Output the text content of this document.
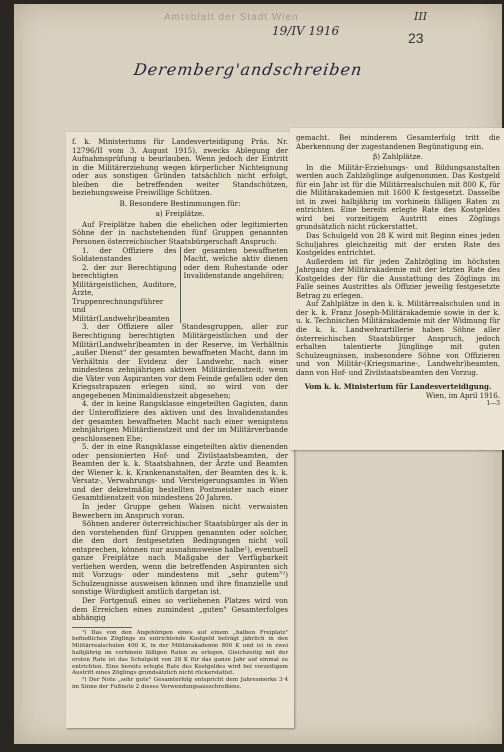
Amtsblatt der Stadt Wien
19/IV 1916
III
23
Deremberg'andschreiben

f. k. Ministeriums für Landesverteidigung Präs. Nr. 12796/II vom 3. August 1915), zwecks Ablegung der Aufnahmsprüfung u beurlauben. Wenn jedoch der Eintritt in die Militärerziehung wegen körperlicher Nichteignung oder aus sonstigen Gründen tatsächlich nicht erfolgt, bleiben die betreffenden weiter Standschützen, beziehungsweise Freiwillige Schützen.

B. Besondere Bestimmungen für:
a) Freiplätze.

Auf Freiplätze haben die ehelichen oder legitimierten Söhne der in nachstehenden fünf Gruppen genannten Personen österreichischer Staatsbürgerschaft Anspruch:

1. der Offiziere des Soldatenstandes

2. der zur Berechtigung berechtigten Militärgeistlichen, Auditore, Ärzte, Truppenrechnungsführer und Militär(Landwehr)beamten

der gesamten bewaffneten Macht, welche aktiv dienen oder dem Ruhestande oder Invalidenstande angehören;

3. der Offiziere aller Standesgruppen, aller zur Berechtigung berechtigten Militärgeistlichen und der Militär(Landwehr)beamten in der Reserve, im Verhältnis „außer Dienst" der gesamten bewaffneten Macht, dann im Verhältnis der Evidenz der Landwehr, nach einer mindestens zehnjährigen aktiven Militärdienstzeit; wenn die Väter von Aspiranten vor dem Feinde gefallen oder den Kriegsstrapazen erlegen sind, so wird von der angegebenen Minimaldienstzeit abgesehen;

4. der in keine Rangsklasse eingeteilten Gagisten, dann der Unteroffiziere des aktiven und des Invalidenstandes der gesamten bewaffneten Macht nach einer wenigstens zehnjährigen Militärdienstzeit und der im Militärverbande geschlossenen Ehe;

5. der in eine Rangsklasse eingeteilten aktiv dienenden oder pensionierten Hof- und Zivilstaatsbeamten, der Beamten der k. k. Staatsbahnen, der Ärzte und Beamten der Wiener k. k. Krankenanstalten, der Beamten des k. k. Versatz-, Verwahrungs- und Versteigerungsamtes in Wien und der dekretmäßig bestellten Postmeister nach einer Gesamtdienstzeit von mindestens 20 Jahren.

In jeder Gruppe gehen Waisen nicht verwaisten Bewerbern im Anspruch voran.

Söhnen anderer österreichischer Staatsbürger als der in den vorstehenden fünf Gruppen genannten oder solcher, die den dort festgesetzten Bedingungen nicht voll entsprechen, können nur ausnahmsweise halbe¹), eventuell ganze Freiplätze nach Maßgabe der Verfügbarkeit verliehen werden, wenn die betreffenden Aspiranten sich mit Vorzugs- oder mindestens mit „sehr gutem"²) Schulzeugnisse ausweisen können und ihre finanzielle und sonstige Würdigkeit amtlich dargetan ist.

Der Fortgenuß eines so verliehenen Platzes wird von dem Erreichen eines zumindest „guten" Gesamterfolges abhängig

¹) Das von den Angehörigen eines auf einem „halben Freiplatz" befindlichen Zöglings zu entrichtende Kostgeld beträgt jährlich in den Militärrealschulen 400 K, in der Militärakademie 800 K und ist in zwei halbjährig im vorhinein fälligen Raten zu erlegen. Gleichzeitig mit der ersten Rate ist das Schulgeld von 28 K für das ganze Jahr auf einmal zu entrichten. Eine bereits erlegte Rate des Kostgeldes wird bei vorzeitigem Austritt eines Zöglings grundsätzlich nicht rückerstattet.

²) Der Note „sehr gute" Gesamterfolg entspricht dem Jahresmerke 3·4 im Sinne der Fußnote 2 dieses Verwendungsausschreibens.

gemacht. Bei minderem Gesamterfolg tritt die Aberkennung der zugestandenen Begünstigung ein.

β) Zahlplätze.

In die Militär-Erziehungs- und Bildungsanstalten werden auch Zahlzöglinge aufgenommen. Das Kostgeld für ein Jahr ist für die Militärrealschulen mit 800 K, für die Militärakademien mit 1600 K festgesetzt. Dasselbe ist in zwei halbjährig im vorhinein fälligen Raten zu entrichten. Eine bereits erlegte Rate des Kostgeldes wird bei vorzeitigem Austritt eines Zöglings grundsätzlich nicht rückerstattet.

Das Schulgeld von 28 K wird mit Beginn eines jeden Schuljahres gleichzeitig mit der ersten Rate des Kostgeldes entrichtet.

Außerdem ist für jeden Zahlzögling im höchsten Jahrgang der Militärakademie mit der letzten Rate des Kostgeldes der für die Ausstattung des Zöglings im Falle seines Austrittes als Offizier jeweilig festgesetzte Betrag zu erlegen.

Auf Zahlplätze in den k. k. Militärrealschulen und in der k. k. Franz Joseph-Militärakademie sowie in der k. u. k. Technischen Militärakademie mit der Widmung für die k. k. Landwehrartillerie haben Söhne aller österreichischen Staatsbürger Anspruch, jedoch erhalten talentierte Jünglinge mit guten Schulzeugnissen, insbesondere Söhne von Offizieren und von Militär-(Kriegsmarine-, Landwehr)beamten, dann von Hof- und Zivilstaatsbeamten den Vorzug.

Vom k. k. Ministerium für Landesverteidigung.
Wien, im April 1916.
1—3
